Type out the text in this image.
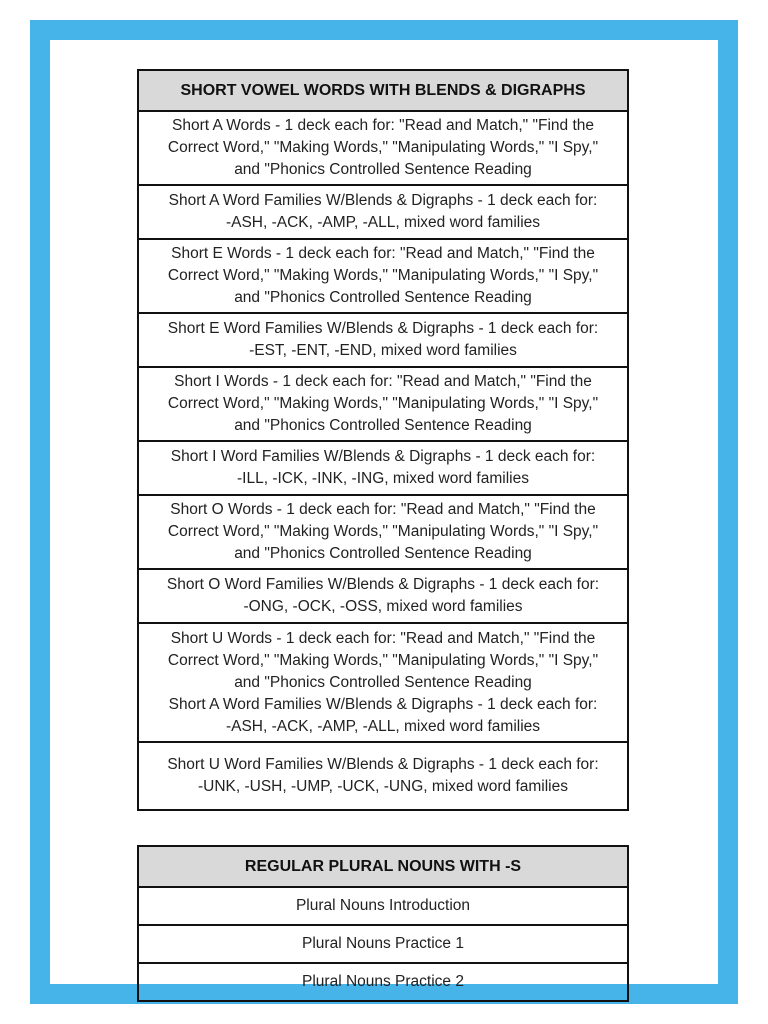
SHORT VOWEL WORDS WITH BLENDS & DIGRAPHS
Short A Words - 1 deck each for: "Read and Match," "Find the
Correct Word," "Making Words," "Manipulating Words," "I Spy,"
and "Phonics Controlled Sentence Reading
Short A Word Families W/Blends & Digraphs - 1 deck each for:
-ASH, -ACK, -AMP, -ALL, mixed word families
Short E Words - 1 deck each for: "Read and Match," "Find the
Correct Word," "Making Words," "Manipulating Words," "I Spy,"
and "Phonics Controlled Sentence Reading
Short E Word Families W/Blends & Digraphs - 1 deck each for:
-EST, -ENT, -END, mixed word families
Short I Words - 1 deck each for: "Read and Match," "Find the
Correct Word," "Making Words," "Manipulating Words," "I Spy,"
and "Phonics Controlled Sentence Reading
Short I Word Families W/Blends & Digraphs - 1 deck each for:
-ILL, -ICK, -INK, -ING, mixed word families
Short O Words - 1 deck each for: "Read and Match," "Find the
Correct Word," "Making Words," "Manipulating Words," "I Spy,"
and "Phonics Controlled Sentence Reading
Short O Word Families W/Blends & Digraphs - 1 deck each for:
-ONG, -OCK, -OSS, mixed word families
Short U Words - 1 deck each for: "Read and Match," "Find the
Correct Word," "Making Words," "Manipulating Words," "I Spy,"
and "Phonics Controlled Sentence Reading
Short A Word Families W/Blends & Digraphs - 1 deck each for:
-ASH, -ACK, -AMP, -ALL, mixed word families
Short U Word Families W/Blends & Digraphs - 1 deck each for:
-UNK, -USH, -UMP, -UCK, -UNG, mixed word families
REGULAR PLURAL NOUNS WITH -S
Plural Nouns Introduction
Plural Nouns Practice 1
Plural Nouns Practice 2
